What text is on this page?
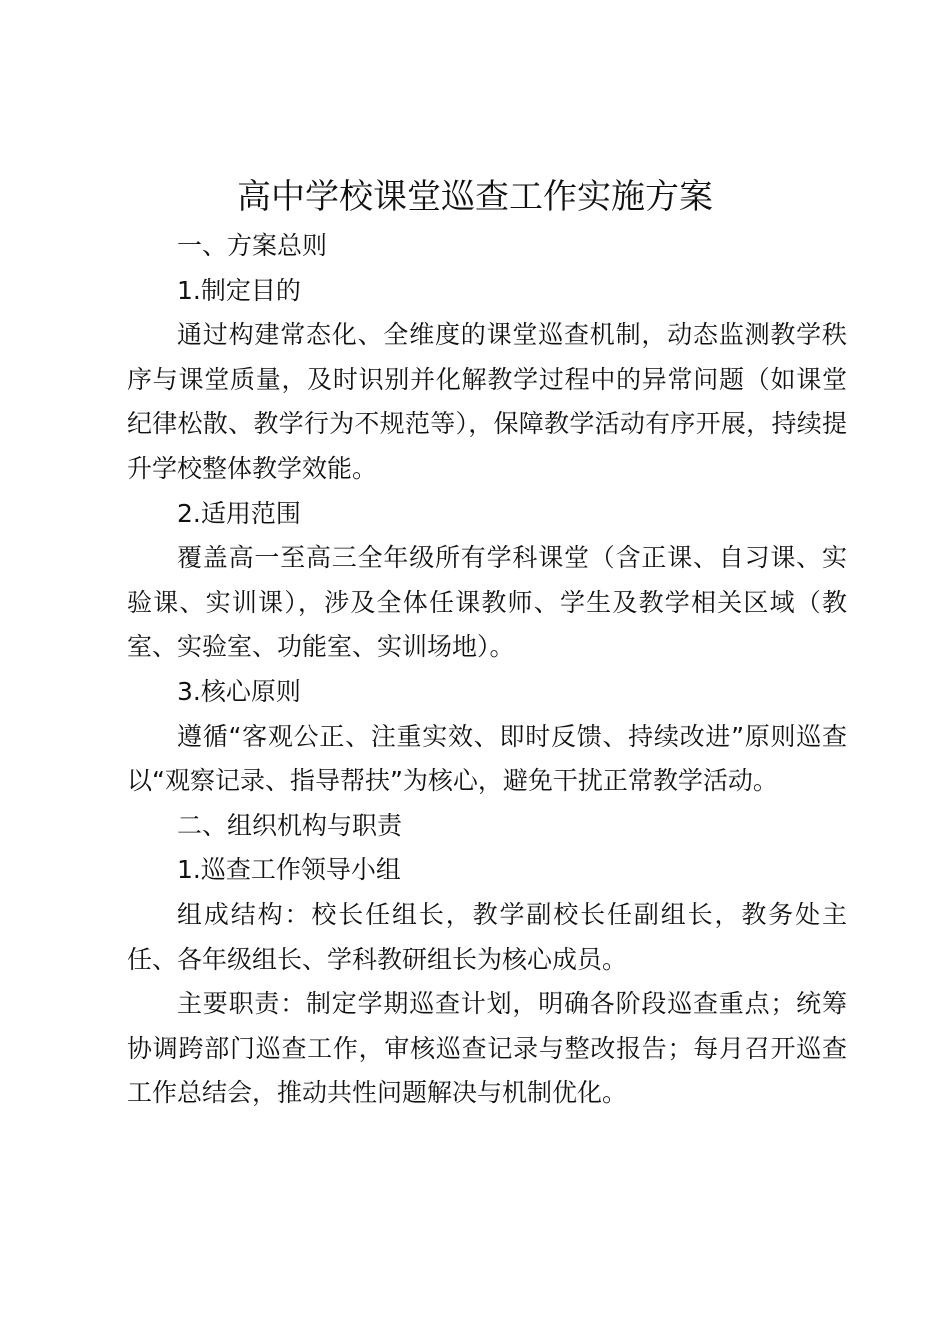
高中学校课堂巡查工作实施方案

一、方案总则

1.制定目的

通过构建常态化、全维度的课堂巡查机制，动态监测教学秩序与课堂质量，及时识别并化解教学过程中的异常问题（如课堂纪律松散、教学行为不规范等），保障教学活动有序开展，持续提升学校整体教学效能。

2.适用范围

覆盖高一至高三全年级所有学科课堂（含正课、自习课、实验课、实训课），涉及全体任课教师、学生及教学相关区域（教室、实验室、功能室、实训场地）。

3.核心原则

遵循“客观公正、注重实效、即时反馈、持续改进”原则巡查以“观察记录、指导帮扶”为核心，避免干扰正常教学活动。

二、组织机构与职责

1.巡查工作领导小组

组成结构：校长任组长，教学副校长任副组长，教务处主任、各年级组长、学科教研组长为核心成员。

主要职责：制定学期巡查计划，明确各阶段巡查重点；统筹协调跨部门巡查工作，审核巡查记录与整改报告；每月召开巡查工作总结会，推动共性问题解决与机制优化。
